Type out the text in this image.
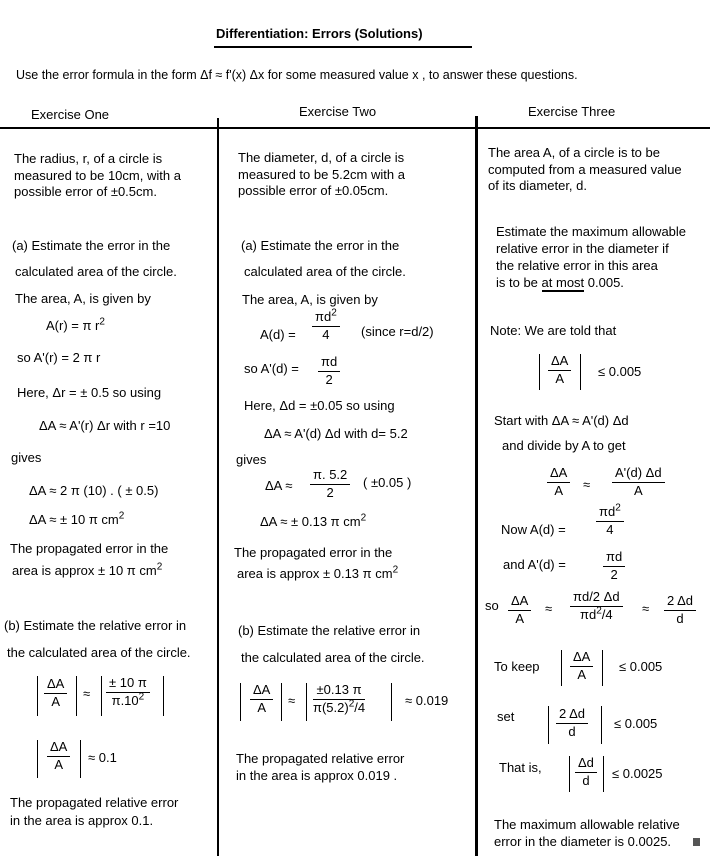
Differentiation: Errors (Solutions)
Use the error formula in the form Δf ≈ f'(x) Δx for some measured value x , to answer these questions.
Exercise One	Exercise Two	Exercise Three
The radius, r, of a circle is measured to be 10cm, with a possible error of ±0.5cm.
(a) Estimate the error in the
calculated area of the circle.
The area, A, is given by
A(r) = π $r^2$
so A'(r) = 2 π r
Here, Δr = ± 0.5 so using
ΔA ≈ A'(r) Δr with r =10
gives
ΔA ≈ 2 π (10) . ( ± 0.5)
ΔA ≈ ± 10 π $cm^2$
The propagated error in the
area is approx ± 10 π $cm^2$
(b) Estimate the relative error in
the calculated area of the circle.
$\frac{\Delta A}{A} \approx \frac{\pm 10 \pi}{\pi.10^2}$
$\frac{\Delta A}{A} \approx 0.1$
The propagated relative error
in the area is approx 0.1.
The diameter, d, of a circle is measured to be 5.2cm with a possible error of ±0.05cm.
(a) Estimate the error in the
calculated area of the circle.
The area, A, is given by
$A(d) = \frac{\pi d^2}{4}$ (since r=d/2)
so $A'(d) = \frac{\pi d}{2}$
Here, Δd = ±0.05 so using
ΔA ≈ A'(d) Δd with d= 5.2
gives
$\Delta A \approx \frac{\pi. 5.2}{2}$ ( ±0.05 )
ΔA ≈ ± 0.13 π $cm^2$
The propagated error in the
area is approx ± 0.13 π $cm^2$
(b) Estimate the relative error in
the calculated area of the circle.
$\frac{\Delta A}{A} \approx \frac{\pm 0.13 \pi}{\pi(5.2)^2/4}$	≈ 0.019
The propagated relative error
in the area is approx 0.019 .
The area A, of a circle is to be computed from a measured value of its diameter, d.
Estimate the maximum allowable
relative error in the diameter if
the relative error in this area
is to be at most 0.005.
Note: We are told that
$\frac{\Delta A}{A} \le 0.005$
Start with ΔA ≈ A'(d) Δd
and divide by A to get
$\frac{\Delta A}{A} \approx \frac{A'(d) \Delta d}{A}$
Now $A(d) = \frac{\pi d^2}{4}$
and A'(d) =	$\frac{\pi d}{2}$
so $\frac{\Delta A}{A} \approx \frac{\pi d/2 \Delta d}{\pi d^2/4} \approx \frac{2 \Delta d}{d}$
To keep $\frac{\Delta A}{A} \le 0.005$
set	$\frac{2 \Delta d}{d} \le 0.005$
That is,	$\frac{\Delta d}{d} \le 0.0025$
The maximum allowable relative
error in the diameter is 0.0025.
